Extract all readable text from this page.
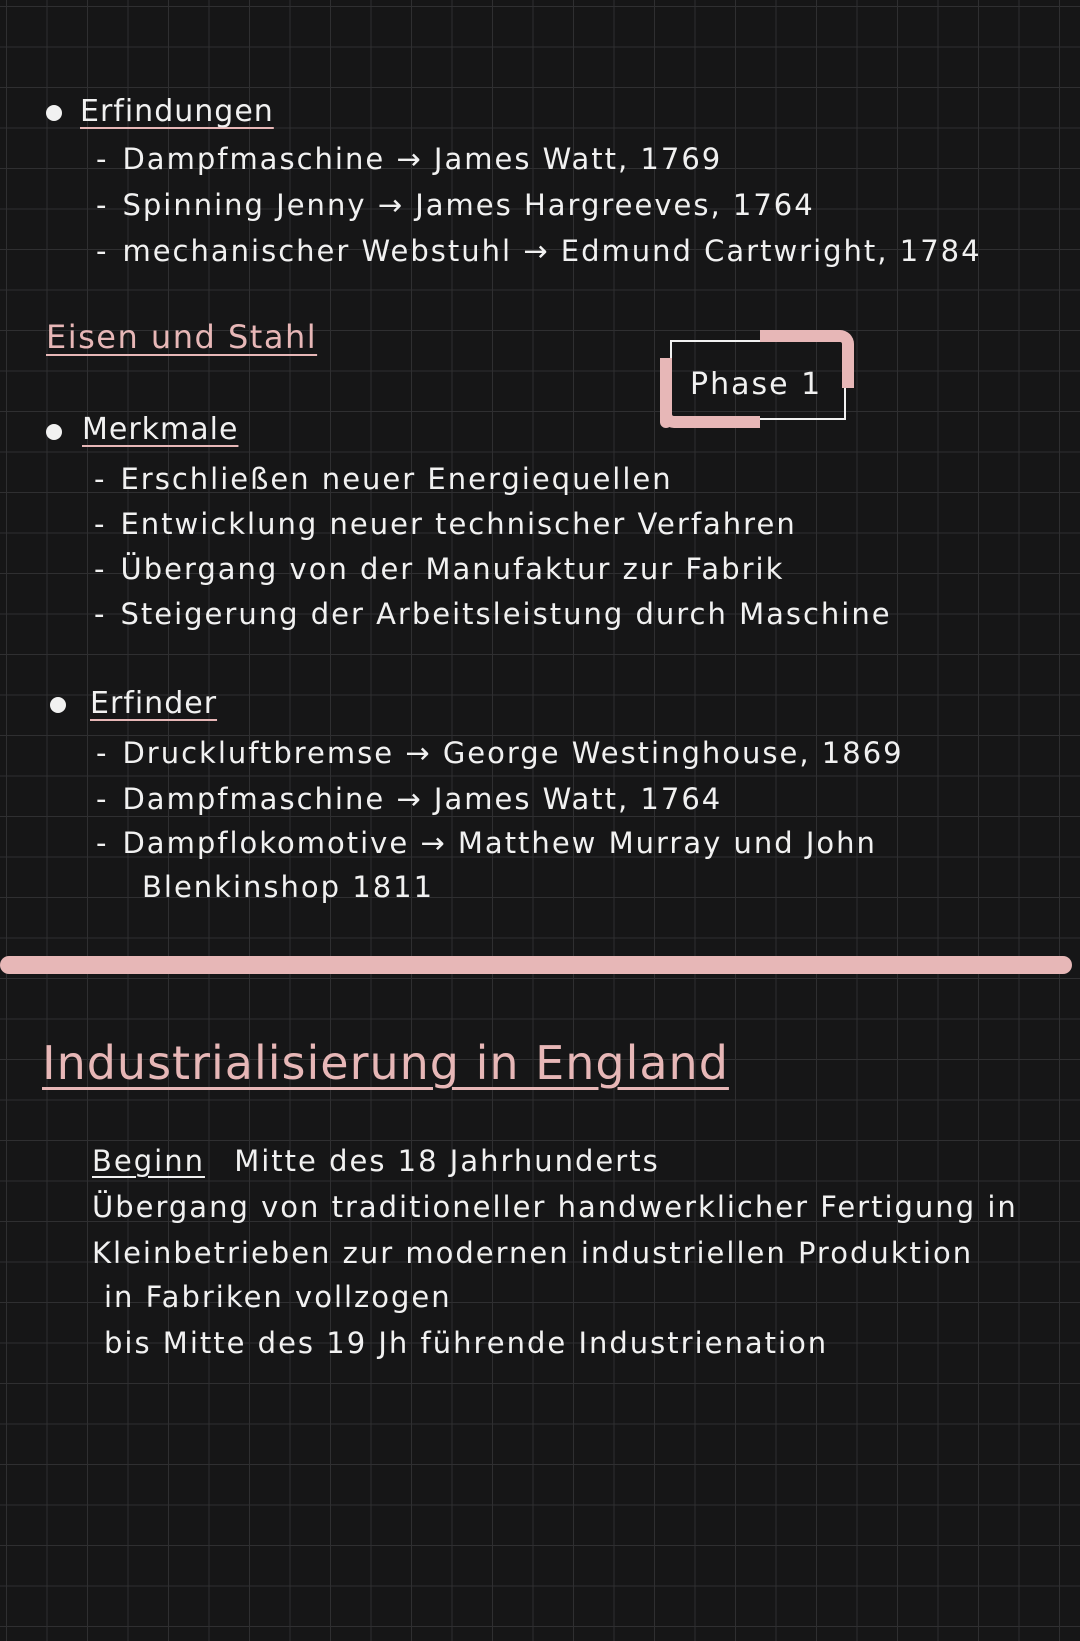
Erfindungen
- Dampfmaschine → James Watt, 1769
- Spinning Jenny → James Hargreeves, 1764
- mechanischer Webstuhl → Edmund Cartwright, 1784
Eisen und Stahl
Phase 1
Merkmale
- Erschließen neuer Energiequellen
- Entwicklung neuer technischer Verfahren
- Übergang von der Manufaktur zur Fabrik
- Steigerung der Arbeitsleistung durch Maschine
Erfinder
- Druckluftbremse → George Westinghouse, 1869
- Dampfmaschine → James Watt, 1764
- Dampflokomotive → Matthew Murray und John
Blenkinshop 1811
Industrialisierung in England
Beginn Mitte des 18 Jahrhunderts
Übergang von traditioneller handwerklicher Fertigung in
Kleinbetrieben zur modernen industriellen Produktion
in Fabriken vollzogen
bis Mitte des 19 Jh führende Industrienation
